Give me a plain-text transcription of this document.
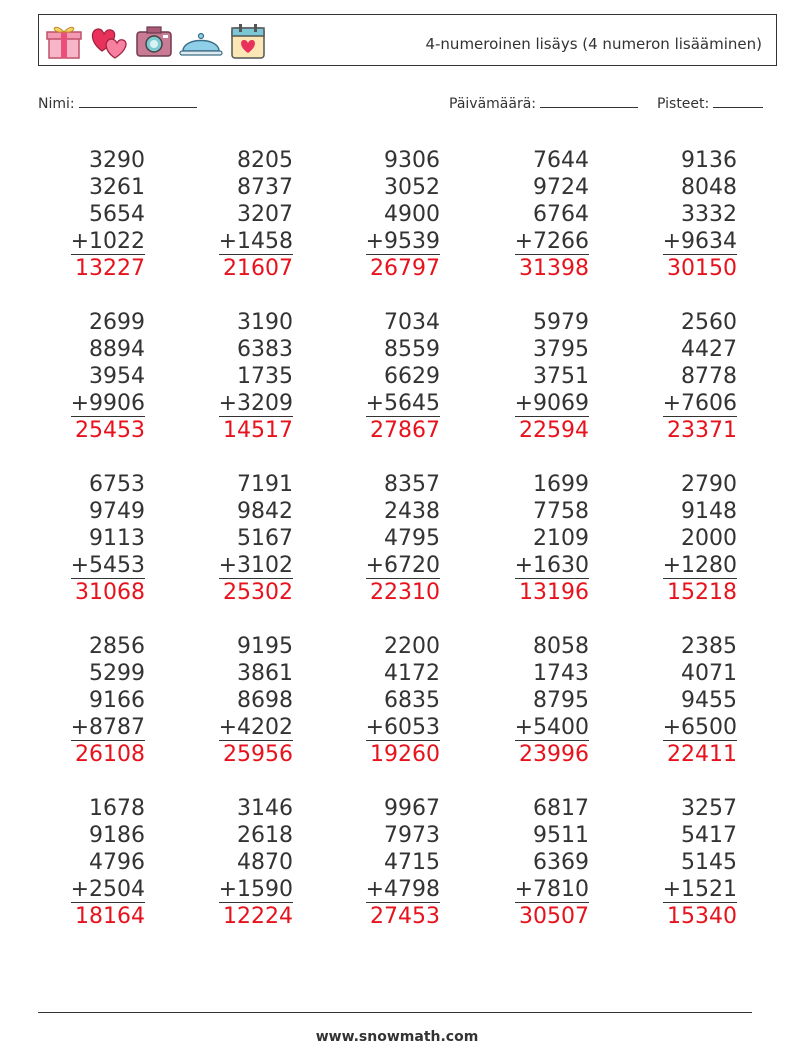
4-numeroinen lisäys (4 numeron lisääminen)
Nimi:	Päivämäärä:	Pisteet:
3290
3261
5654
+1022
13227
8205
8737
3207
+1458
21607
9306
3052
4900
+9539
26797
7644
9724
6764
+7266
31398
9136
8048
3332
+9634
30150
2699
8894
3954
+9906
25453
3190
6383
1735
+3209
14517
7034
8559
6629
+5645
27867
5979
3795
3751
+9069
22594
2560
4427
8778
+7606
23371
6753
9749
9113
+5453
31068
7191
9842
5167
+3102
25302
8357
2438
4795
+6720
22310
1699
7758
2109
+1630
13196
2790
9148
2000
+1280
15218
2856
5299
9166
+8787
26108
9195
3861
8698
+4202
25956
2200
4172
6835
+6053
19260
8058
1743
8795
+5400
23996
2385
4071
9455
+6500
22411
1678
9186
4796
+2504
18164
3146
2618
4870
+1590
12224
9967
7973
4715
+4798
27453
6817
9511
6369
+7810
30507
3257
5417
5145
+1521
15340
www.snowmath.com
